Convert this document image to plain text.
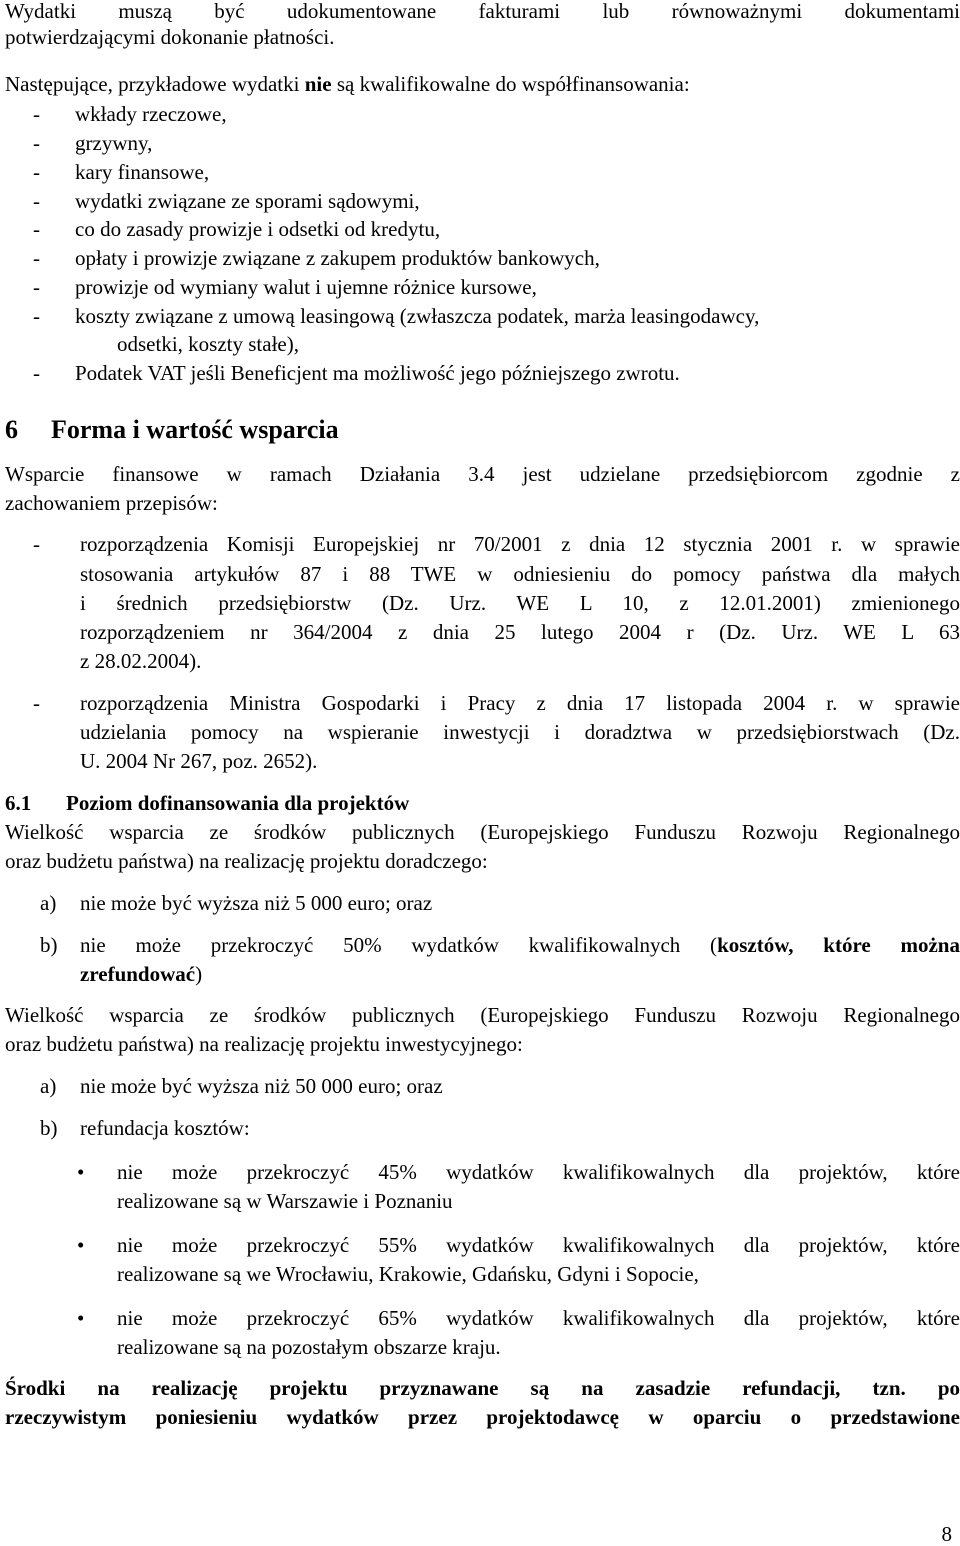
Wydatki muszą być udokumentowane fakturami lub równoważnymi dokumentami
potwierdzającymi dokonanie płatności.
Następujące, przykładowe wydatki nie są kwalifikowalne do współfinansowania:
- wkłady rzeczowe,
- grzywny,
- kary finansowe,
- wydatki związane ze sporami sądowymi,
- co do zasady prowizje i odsetki od kredytu,
- opłaty i prowizje związane z zakupem produktów bankowych,
- prowizje od wymiany walut i ujemne różnice kursowe,
- koszty związane z umową leasingową (zwłaszcza podatek, marża leasingodawcy,
odsetki, koszty stałe),
- Podatek VAT jeśli Beneficjent ma możliwość jego późniejszego zwrotu.
6 Forma i wartość wsparcia
Wsparcie finansowe w ramach Działania 3.4 jest udzielane przedsiębiorcom zgodnie z
zachowaniem przepisów:
- rozporządzenia Komisji Europejskiej nr 70/2001 z dnia 12 stycznia 2001 r. w sprawie
stosowania artykułów 87 i 88 TWE w odniesieniu do pomocy państwa dla małych
i średnich przedsiębiorstw (Dz. Urz. WE L 10, z 12.01.2001) zmienionego
rozporządzeniem nr 364/2004 z dnia 25 lutego 2004 r (Dz. Urz. WE L 63
z 28.02.2004).
- rozporządzenia Ministra Gospodarki i Pracy z dnia 17 listopada 2004 r. w sprawie
udzielania pomocy na wspieranie inwestycji i doradztwa w przedsiębiorstwach (Dz.
U. 2004 Nr 267, poz. 2652).
6.1 Poziom dofinansowania dla projektów
Wielkość wsparcia ze środków publicznych (Europejskiego Funduszu Rozwoju Regionalnego
oraz budżetu państwa) na realizację projektu doradczego:
a)	nie może być wyższa niż 5 000 euro; oraz
b)	nie może przekroczyć 50% wydatków kwalifikowalnych (kosztów, które można
zrefundować)
Wielkość wsparcia ze środków publicznych (Europejskiego Funduszu Rozwoju Regionalnego
oraz budżetu państwa) na realizację projektu inwestycyjnego:
a)	nie może być wyższa niż 50 000 euro; oraz
b)	refundacja kosztów:
• nie może przekroczyć 45% wydatków kwalifikowalnych dla projektów, które
realizowane są w Warszawie i Poznaniu
• nie może przekroczyć 55% wydatków kwalifikowalnych dla projektów, które
realizowane są we Wrocławiu, Krakowie, Gdańsku, Gdyni i Sopocie,
• nie może przekroczyć 65% wydatków kwalifikowalnych dla projektów, które
realizowane są na pozostałym obszarze kraju.
Środki na realizację projektu przyznawane są na zasadzie refundacji, tzn. po
rzeczywistym poniesieniu wydatków przez projektodawcę w oparciu o przedstawione
8
